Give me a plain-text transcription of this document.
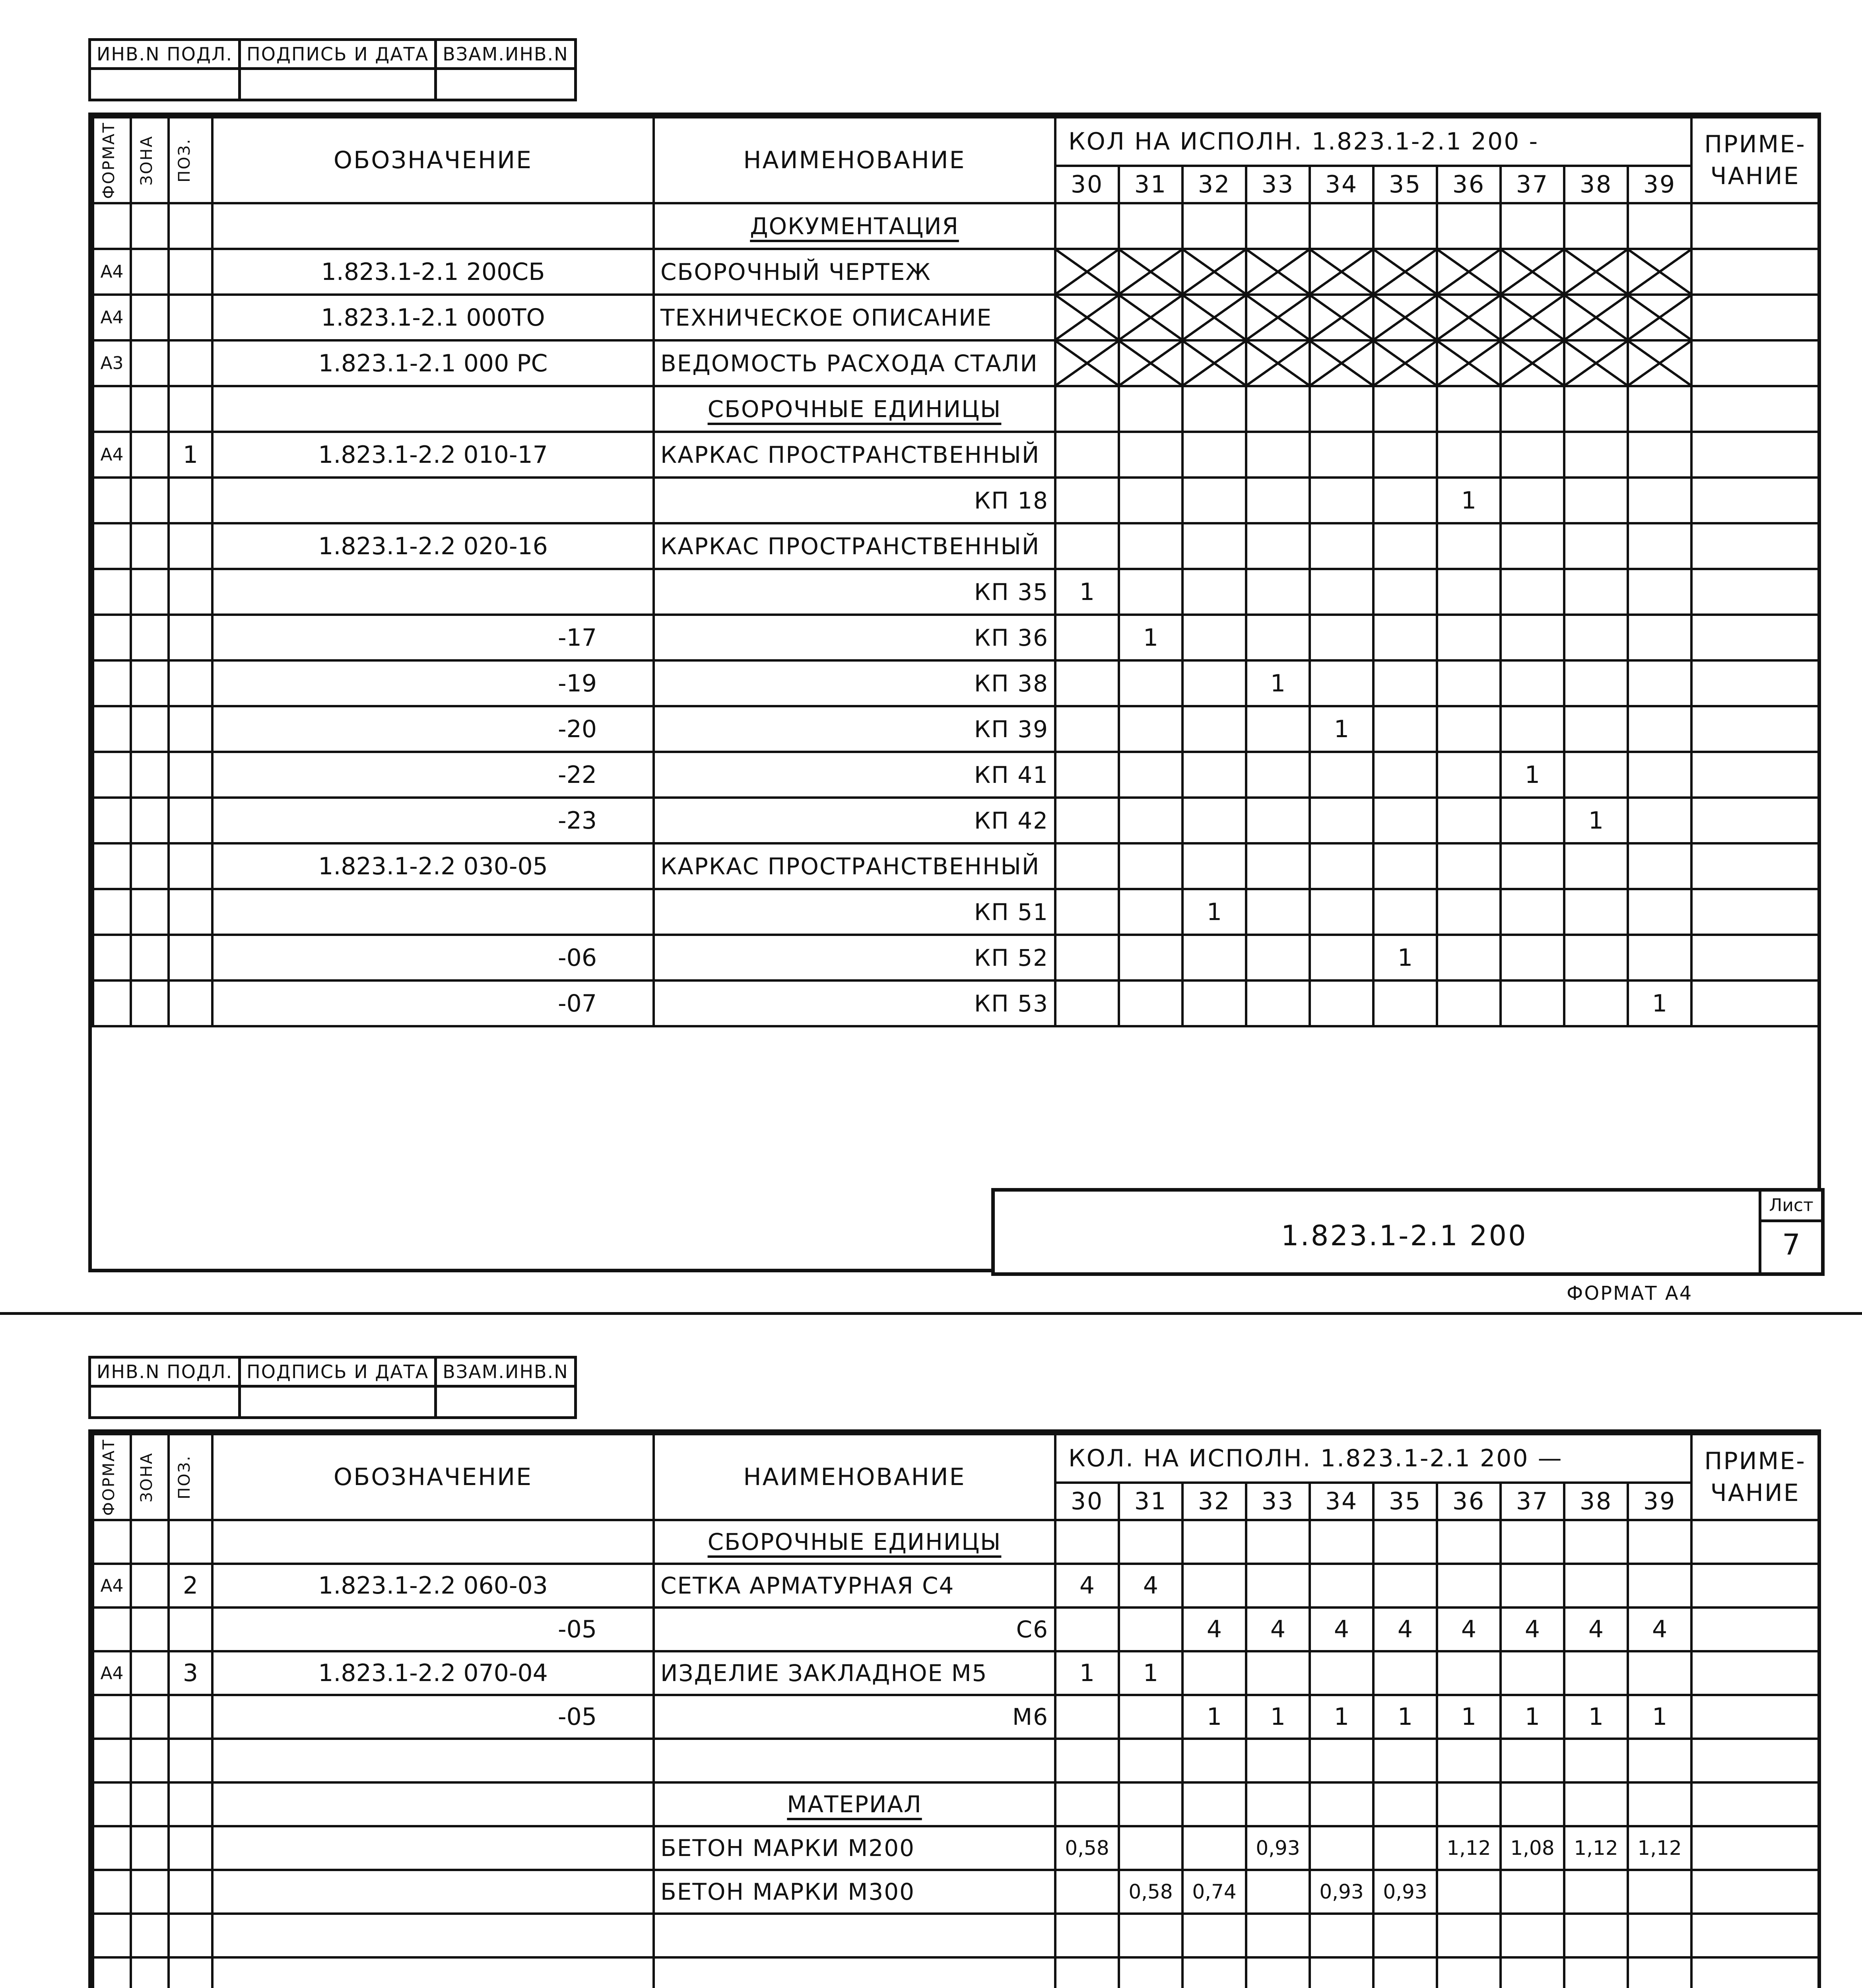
ИНВ.N ПОДЛ.	ПОДПИСЬ И ДАТА	ВЗАМ.ИНВ.N

ФОРМАТ	ЗОНА	ПОЗ.	ОБОЗНАЧЕНИЕ	НАИМЕНОВАНИЕ	КОЛ НА ИСПОЛН. 1.823.1-2.1 200 -										ПРИМЕ- ЧАНИЕ
					30	31	32	33	34	35	36	37	38	39	
				ДОКУМЕНТАЦИЯ											
А4			1.823.1-2.1 200СБ	СБОРОЧНЫЙ ЧЕРТЕЖ											
А4			1.823.1-2.1 000ТО	ТЕХНИЧЕСКОЕ ОПИСАНИЕ											
А3			1.823.1-2.1 000 РС	ВЕДОМОСТЬ РАСХОДА СТАЛИ											
				СБОРОЧНЫЕ ЕДИНИЦЫ											
А4		1	1.823.1-2.2 010-17	КАРКАС ПРОСТРАНСТВЕННЫЙ											
				КП 18							1				
			1.823.1-2.2 020-16	КАРКАС ПРОСТРАНСТВЕННЫЙ											
				КП 35	1										
			-17	КП 36		1									
			-19	КП 38				1							
			-20	КП 39					1						
			-22	КП 41								1			
			-23	КП 42									1		
			1.823.1-2.2 030-05	КАРКАС ПРОСТРАНСТВЕННЫЙ											
				КП 51			1								
			-06	КП 52						1					
			-07	КП 53										1	
1.823.1-2.1 200
Лист
7
ФОРМАТ А4
ИНВ.N ПОДЛ.	ПОДПИСЬ И ДАТА	ВЗАМ.ИНВ.N

ФОРМАТ	ЗОНА	ПОЗ.	ОБОЗНАЧЕНИЕ	НАИМЕНОВАНИЕ	КОЛ. НА ИСПОЛН. 1.823.1-2.1 200 —										ПРИМЕ- ЧАНИЕ
					30	31	32	33	34	35	36	37	38	39	
				СБОРОЧНЫЕ ЕДИНИЦЫ											
А4		2	1.823.1-2.2 060-03	СЕТКА АРМАТУРНАЯ С4	4	4									
			-05	С6			4	4	4	4	4	4	4	4	
А4		3	1.823.1-2.2 070-04	ИЗДЕЛИЕ ЗАКЛАДНОЕ М5	1	1									
			-05	М6			1	1	1	1	1	1	1	1	

				МАТЕРИАЛ											
				БЕТОН МАРКИ М200	0,58			0,93			1,12	1,08	1,12	1,12	
				БЕТОН МАРКИ М300		0,58	0,74		0,93	0,93					
